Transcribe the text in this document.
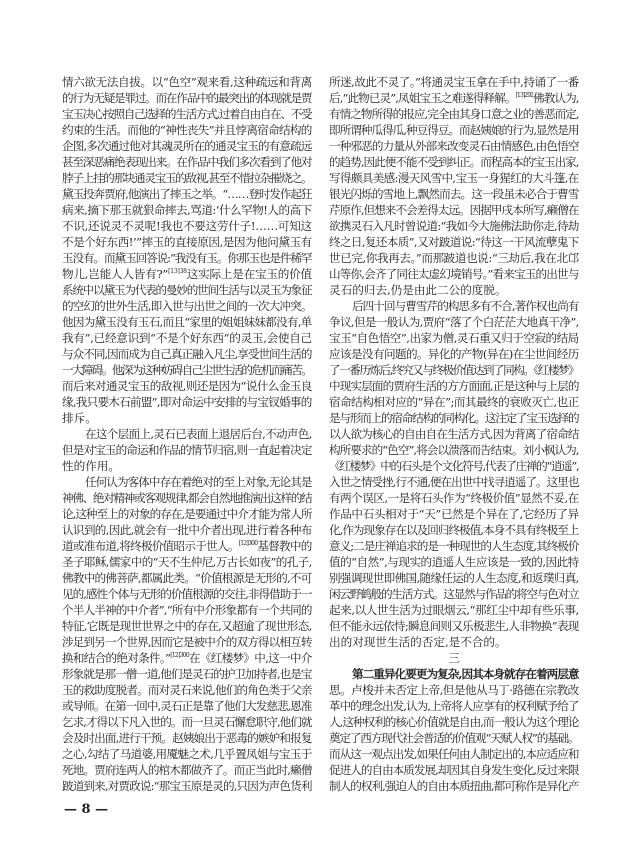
情六欲无法自拔。以“色空”观来看,这种疏远和背离
的行为无疑是罪过。而在作品中的最突出的体现就是贾
宝玉决心按照自己选择的生活方式,过着自由自在、不受
约束的生活。而他的“神性丧失”并且悖离宿命结构的
企图,多次通过他对其魂灵所在的通灵宝玉的有意疏远
甚至深恶痛绝表现出来。在作品中我们多次看到了他对
脖子上挂的那块通灵宝玉的敌视,甚至不惜拉杂摧烧之。
黛玉投奔贾府,他演出了摔玉之举。“……登时发作起狂
病来,摘下那玉就狠命摔去,骂道:‘什么罕物!人的高下
不识,还说灵不灵呢!我也不要这劳什子!……可知这
不是个好东西!’”摔玉的直接原因,是因为他问黛玉有
玉没有。而黛玉回答说:“我没有玉。你那玉也是件稀罕
物儿,岂能人人皆有?”$^{[13]38}$这实际上是在宝玉的价值
系统中以黛玉为代表的曼妙的世间生活与以灵玉为象征
的空幻的世外生活,即入世与出世之间的一次大冲突。
他因为黛玉没有玉石,而且“家里的姐姐妹妹都没有,单
我有”,已经意识到“不是个好东西”的灵玉,会使自己
与众不同,因而成为自己真正融入凡尘,享受世间生活的
一大障碍。他深为这种妨碍自己尘世生活的危机而痛苦。
而后来对通灵宝玉的敌视,则还是因为“说什么金玉良
缘,我只要木石前盟”,即对命运中安排的与宝钗婚事的
排斥。
在这个层面上,灵石已表面上退居后台,不动声色,
但是对宝玉的命运和作品的情节归宿,则一直起着决定
性的作用。
任何认为客体中存在着绝对的至上对象,无论其是
神佛、绝对精神或客观规律,都会自然地推演出这样的结
论,这种至上的对象的存在,是要通过中介才能为常人所
认识到的,因此,就会有一批中介者出现,进行着各种布
道或准布道,将终极价值昭示于世人。$^{[12]300}$基督教中的
圣子耶稣,儒家中的“天不生仲尼,万古长如夜”的孔子,
佛教中的佛菩萨,都属此类。“价值根源是无形的,不可
见的,感性个体与无形的价值根源的交往,非得借助于一
个半人半神的中介者”,“所有中介形象都有一个共同的
特征,它既是现世世界之中的存在,又超逾了现世形态,
涉足到另一个世界,因而它是被中介的双方得以相互转
换和结合的绝对条件。”$^{[12]300}$在《红楼梦》中,这一中介
形象就是那一僧一道,他们是灵石的护卫加持者,也是宝
玉的救助度脱者。而对灵石来说,他们的角色类于父亲
或导师。在第一回中,灵石正是靠了他们大发慈悲,恩准
乞求,才得以下凡入世的。而一旦灵石懈怠职守,他们就
会及时出面,进行干预。赵姨娘出于恶毒的嫉妒和报复
之心,勾结了马道婆,用魇魅之术,几乎置凤姐与宝玉于
死地。贾府连两人的棺木都做齐了。而正当此时,癞僧
跛道到来,对贾政说:“那宝玉原是灵的,只因为声色货利
所迷,故此不灵了。”将通灵宝玉拿在手中,持诵了一番
后,“此物已灵”,凤姐宝玉之难遂得释解。$^{[13]292}$佛教认为,
有情之物所得的报应,完全由其身口意之业的善恶而定,
即所谓种瓜得瓜,种豆得豆。而赵姨娘的行为,显然是用
一种邪恶的力量从外部来改变灵石由情感色,由色悟空
的趋势,因此便不能不受到纠正。而程高本的宝玉出家,
写得颇具美感:漫天风雪中,宝玉一身猩红的大斗篷,在
银光闪烁的雪地上,飘然而去。这一段虽未必合于曹雪
芹原作,但想来不会差得太远。因据甲戌本所写,癞僧在
欲携灵石入凡时曾说道:“我如今大施佛法助你走,待劫
终之日,复还本质”,又对跛道说:“待这一干风流孽鬼下
世已完,你我再去。”而那跛道也说:“三劫后,我在北邙
山等你,会齐了同往太虚幻境销号。”看来宝玉的出世与
灵石的归去,仍是由此二公的度脱。
后四十回与曹雪芹的构思多有不合,著作权也尚有
争议,但是一般认为,贾府“落了个白茫茫大地真干净”,
宝玉“自色悟空”,出家为僧,灵石重又归于空寂的结局
应该是没有问题的。异化的产物(异在)在尘世间经历
了一番历炼后,终究又与终极价值达到了同构。《红楼梦》
中现实层面的贾府生活的方方面面,正是这种与上层的
宿命结构相对应的“异在”;而其最终的衰败灭亡,也正
是与形而上的宿命结构的同构化。这注定了宝玉选择的
以人欲为核心的自由自在生活方式,因为背离了宿命结
构所要求的“色空”,将会以溃落而告结束。刘小枫认为,
《红楼梦》中的石头是个文化符号,代表了庄禅的“逍遥”,
入世之情受挫,行不通,便在出世中找寻逍遥了。这里也
有两个误区,一是将石头作为“终极价值”显然不妥,在
作品中石头相对于“天”已然是个异在了,它经历了异
化,作为现象存在以及回归终极值,本身不具有终极至上
意义;二是庄禅追求的是一种现世的人生态度,其终极价
值的“自然”,与现实的逍遥人生应该是一致的,因此特
别强调现世即佛国,随缘任运的人生态度,和返璞归真,
闲云野鹤般的生活方式。这显然与作品的将空与色对立
起来,以人世生活为过眼烟云,“那红尘中却有些乐事,
但不能永远依恃;瞬息间则又乐极悲生,人非物换”表现
出的对现世生活的否定,是不合的。
三
第二重异化要更为复杂,因其本身就存在着两层意
思。卢梭并未否定上帝,但是他从马丁·路德在宗教改
革中的理念出发,认为,上帝将人应享有的权利赋予给了
人,这种权利的核心价值就是自由,而一般认为这个理论
奠定了西方现代社会普适的价值观“天赋人权”的基础。
而从这一观点出发,如果任何由人制定出的,本应适应和
促进人的自由本质发展,却因其自身发生变化,反过来限
制人的权利,强迫人的自由本质扭曲,都可称作是异化产
— 8 —
